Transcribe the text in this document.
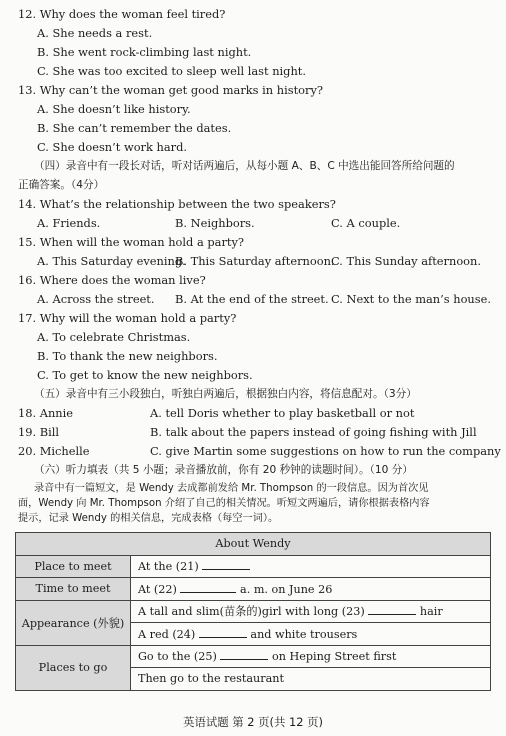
12. Why does the woman feel tired?
A. She needs a rest.
B. She went rock-climbing last night.
C. She was too excited to sleep well last night.
13. Why can’t the woman get good marks in history?
A. She doesn’t like history.
B. She can’t remember the dates.
C. She doesn’t work hard.
（四）录音中有一段长对话，听对话两遍后，从每小题 A、B、C 中选出能回答所给问题的
正确答案。（4分）
14. What’s the relationship between the two speakers?
A. Friends.	B. Neighbors.	C. A couple.
15. When will the woman hold a party?
A. This Saturday evening.
B. This Saturday afternoon.
C. This Sunday afternoon.
16. Where does the woman live?
A. Across the street. B. At the end of the street. C. Next to the man’s house.
17. Why will the woman hold a party?
A. To celebrate Christmas.
B. To thank the new neighbors.
C. To get to know the new neighbors.
（五）录音中有三小段独白，听独白两遍后，根据独白内容，将信息配对。（3分）
18. Annie	A. tell Doris whether to play basketball or not
19. Bill	B. talk about the papers instead of going fishing with Jill
20. Michelle	C. give Martin some suggestions on how to run the company
（六）听力填表（共 5 小题；录音播放前，你有 20 秒钟的读题时间）。（10 分）
录音中有一篇短文，是 Wendy 去成都前发给 Mr. Thompson 的一段信息。因为首次见
面，Wendy 向 Mr. Thompson 介绍了自己的相关情况。听短文两遍后，请你根据表格内容
About Wendy	
Place to meet	At the (21)
Time to meet	At (22) a. m. on June 26
Appearance (外貌)	A tall and slim(苗条的)girl with long (23) hair
	A red (24) and white trousers
Places to go	Go to the (25) on Heping Street first
	Then go to the restaurant
英语试题 第 2 页(共 12 页)
提示，记录 Wendy 的相关信息，完成表格（每空一词）。
